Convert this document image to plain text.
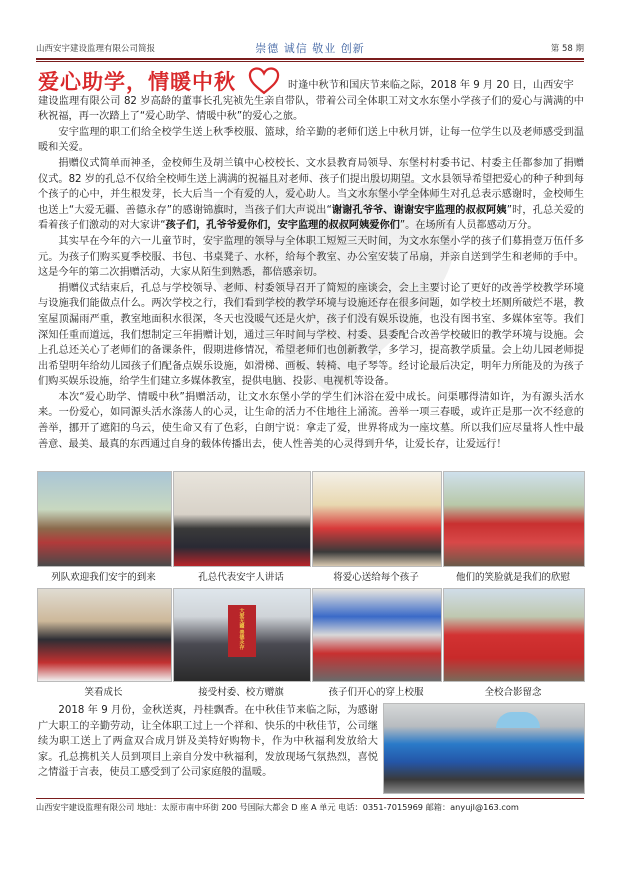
山西安宇建设监理有限公司简报	崇德 诚信 敬业 创新	第 58 期
爱心助学，情暖中秋	时逢中秋节和国庆节来临之际，2018 年 9 月 20 日，山西安宇

建设监理有限公司 82 岁高龄的董事长孔宪祯先生亲自带队，带着公司全体职工对文水东堡小学孩子们的爱心与满满的中秋祝福，再一次踏上了“爱心助学、情暖中秋”的爱心之旅。

安宇监理的职工们给全校学生送上秋季校服、篮球，给辛勤的老师们送上中秋月饼，让每一位学生以及老师感受到温暖和关爱。

捐赠仪式简单而神圣，金校师生及胡兰镇中心校校长、文水县教育局领导、东堡村村委书记、村委主任都参加了捐赠仪式。82 岁的孔总不仅给全校师生送上满满的祝福且对老师、孩子们提出殷切期望。文水县领导希望把爱心的种子种到每个孩子的心中，并生根发芽，长大后当一个有爱的人，爱心助人。当文水东堡小学全体师生对孔总表示感谢时，金校师生也送上“大爱无疆、善德永存”的感谢锦旗时，当孩子们大声说出“谢谢孔爷爷、谢谢安宇监理的叔叔阿姨”时，孔总关爱的看着孩子们激动的对大家讲“孩子们，孔爷爷爱你们，安宇监理的叔叔阿姨爱你们”。在场所有人员都感动万分。

其实早在今年的六一儿童节时，安宇监理的领导与全体职工短短三天时间，为文水东堡小学的孩子们募捐壹万伍仟多元。为孩子们购买夏季校服、书包、书桌凳子、水杯，给每个教室、办公室安装了吊扇，并亲自送到学生和老师的手中。这是今年的第二次捐赠活动，大家从陌生到熟悉，都倍感亲切。

捐赠仪式结束后，孔总与学校领导、老师、村委领导召开了简短的座谈会，会上主要讨论了更好的改善学校教学环境与设施我们能做点什么。两次学校之行，我们看到学校的教学环境与设施还存在很多问题，如学校土坯厕所破烂不堪，教室屋顶漏雨严重，教室地面积水很深，冬天也没暖气还是火炉，孩子们没有娱乐设施，也没有图书室、多媒体室等。我们深知任重而道远，我们想制定三年捐赠计划，通过三年时间与学校、村委、县委配合改善学校破旧的教学环境与设施。会上孔总还关心了老师们的备课条件，假期进修情况，希望老师们也创新教学，多学习，提高教学质量。会上幼儿园老师提出希望明年给幼儿园孩子们配备点娱乐设施，如滑梯、画板、转椅、电子琴等。经讨论最后决定，明年力所能及的为孩子们购买娱乐设施，给学生们建立多媒体教室，提供电脑、投影、电视机等设备。

本次“爱心助学、情暖中秋”捐赠活动，让文水东堡小学的学生们沐浴在爱中成长。问渠哪得清如许，为有源头活水来。一份爱心，如同源头活水涤荡人的心灵，让生命的活力不住地往上涌流。善举一项三春暖，或许正是那一次不经意的善举，挪开了遮阳的乌云，使生命又有了色彩，白朗宁说：拿走了爱，世界将成为一座坟墓。所以我们应尽量将人性中最善意、最美、最真的东西通过自身的载体传播出去，使人性善美的心灵得到升华，让爱长存，让爱远行！

列队欢迎我们安宇的到来	孔总代表安宇人讲话	将爱心送给每个孩子	他们的笑脸就是我们的欣慰
大爱无疆 善德永存
笑看成长	接受村委、校方赠旗	孩子们开心的穿上校服	全校合影留念

2018 年 9 月份，金秋送爽，丹桂飘香。在中秋佳节来临之际，为感谢广大职工的辛勤劳动，让全体职工过上一个祥和、快乐的中秋佳节，公司继续为职工送上了两盒双合成月饼及美特好购物卡，作为中秋福利发放给大家。孔总携机关人员到项目上亲自分发中秋福利，发放现场气氛热烈，喜悦之情溢于言表，使员工感受到了公司家庭般的温暖。

山西安宇建设监理有限公司 地址：太原市南中环街 200 号国际大都会 D 座 A 单元 电话：0351-7015969 邮箱：anyujl@163.com
